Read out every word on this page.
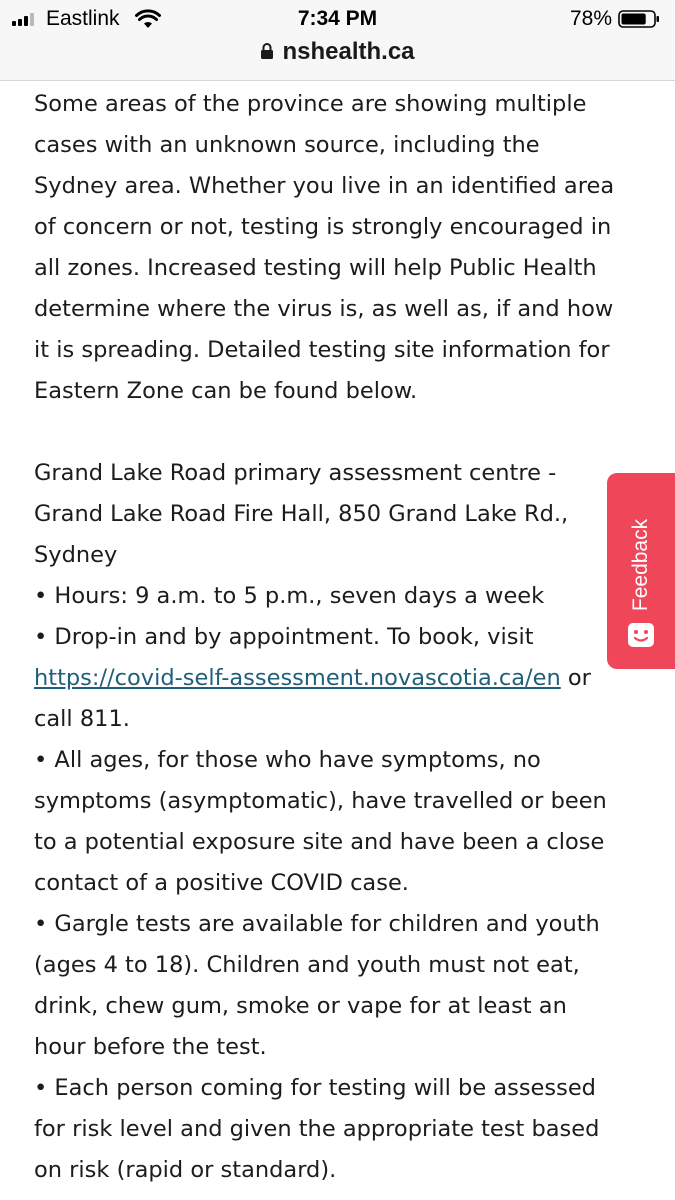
Eastlink	7:34 PM	78%
nshealth.ca

Some areas of the province are showing multiple
cases with an unknown source, including the
Sydney area. Whether you live in an identified area
of concern or not, testing is strongly encouraged in
all zones. Increased testing will help Public Health
determine where the virus is, as well as, if and how
it is spreading. Detailed testing site information for
Eastern Zone can be found below.

Grand Lake Road primary assessment centre -
Grand Lake Road Fire Hall, 850 Grand Lake Rd.,
Sydney
• Hours: 9 a.m. to 5 p.m., seven days a week
• Drop-in and by appointment. To book, visit
https://covid-self-assessment.novascotia.ca/en or
call 811.
• All ages, for those who have symptoms, no
symptoms (asymptomatic), have travelled or been
to a potential exposure site and have been a close
contact of a positive COVID case.
• Gargle tests are available for children and youth
(ages 4 to 18). Children and youth must not eat,
drink, chew gum, smoke or vape for at least an
hour before the test.
• Each person coming for testing will be assessed
for risk level and given the appropriate test based
on risk (rapid or standard).

Feedback
